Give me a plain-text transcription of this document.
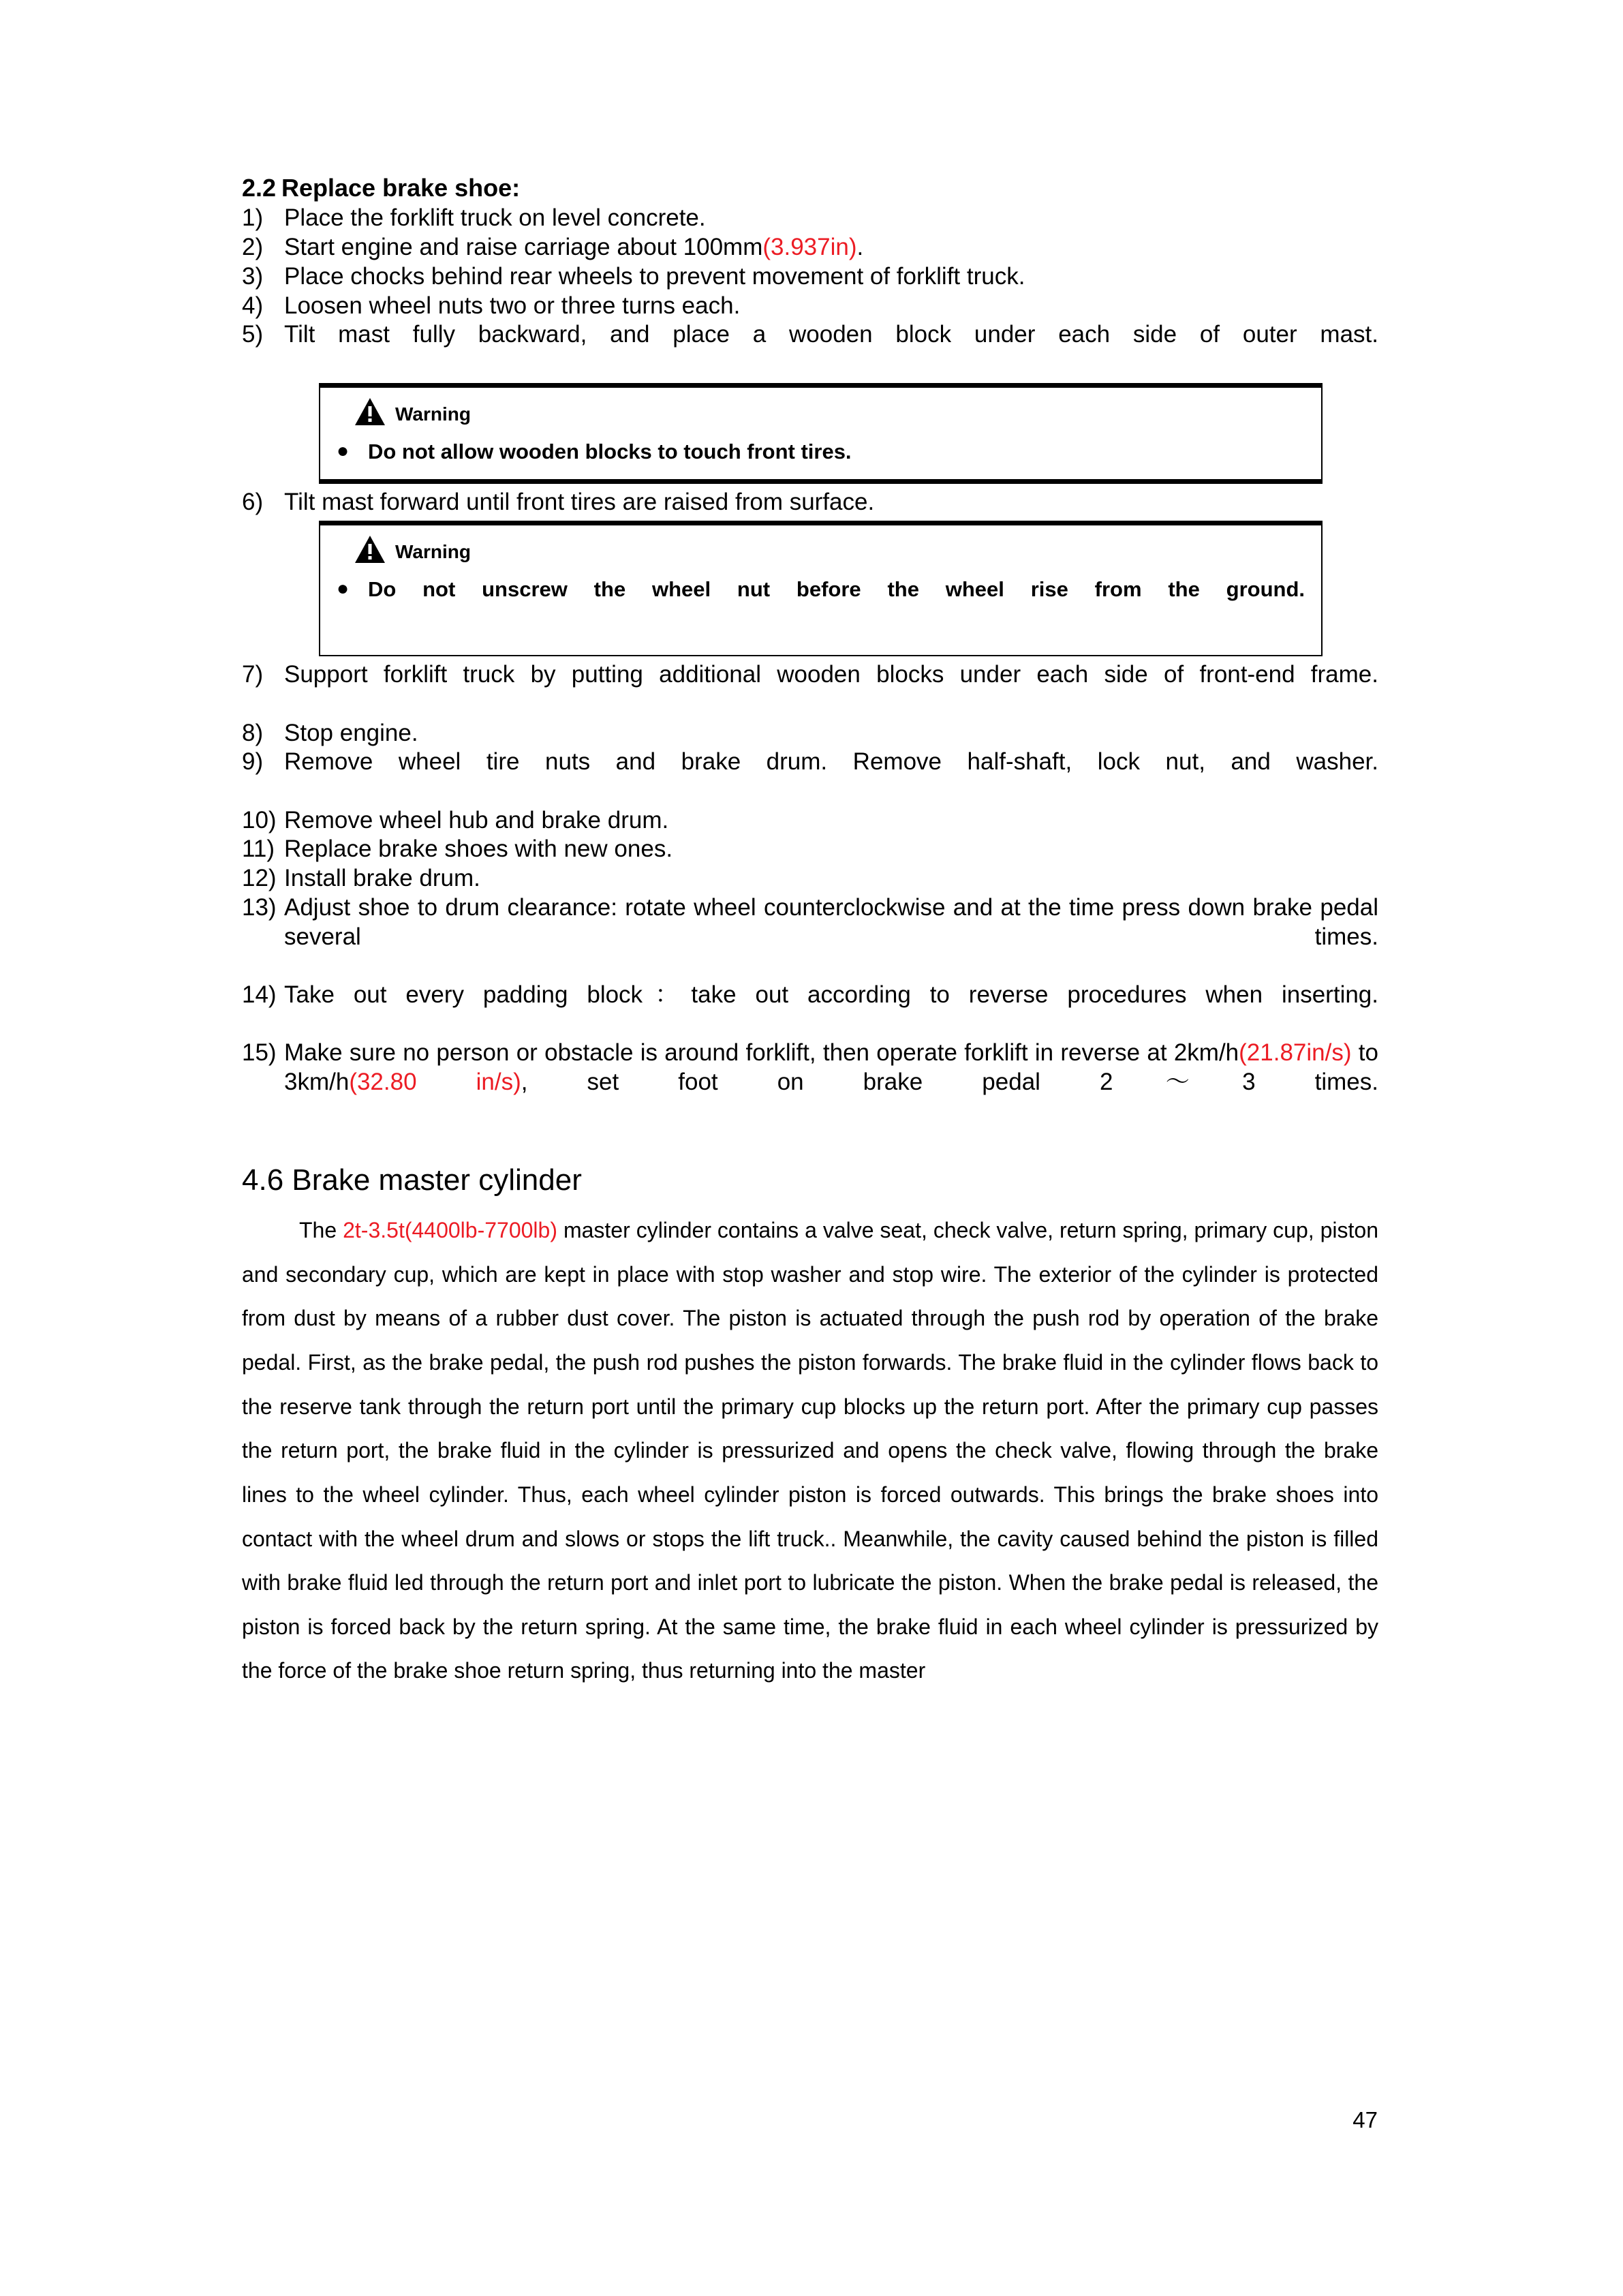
2.2 Replace brake shoe:
1) Place the forklift truck on level concrete.
2) Start engine and raise carriage about 100mm(3.937in).
3) Place chocks behind rear wheels to prevent movement of forklift truck.
4) Loosen wheel nuts two or three turns each.
5) Tilt mast fully backward, and place a wooden block under each side of outer mast.
Warning
● Do not allow wooden blocks to touch front tires.
6) Tilt mast forward until front tires are raised from surface.
Warning
● Do not unscrew the wheel nut before the wheel rise from the ground.
7) Support forklift truck by putting additional wooden blocks under each side of front-end frame.
8) Stop engine.
9) Remove wheel tire nuts and brake drum. Remove half-shaft, lock nut, and washer.
10) Remove wheel hub and brake drum.
11) Replace brake shoes with new ones.
12) Install brake drum.
13) Adjust shoe to drum clearance: rotate wheel counterclockwise and at the time press down brake pedal several times.
14) Take out every padding block：take out according to reverse procedures when inserting.
15) Make sure no person or obstacle is around forklift, then operate forklift in reverse at 2km/h(21.87in/s) to 3km/h(32.80 in/s), set foot on brake pedal 2～3 times.
4.6 Brake master cylinder
The 2t-3.5t(4400lb-7700lb) master cylinder contains a valve seat, check valve, return spring, primary cup, piston and secondary cup, which are kept in place with stop washer and stop wire. The exterior of the cylinder is protected from dust by means of a rubber dust cover. The piston is actuated through the push rod by operation of the brake pedal. First, as the brake pedal, the push rod pushes the piston forwards. The brake fluid in the cylinder flows back to the reserve tank through the return port until the primary cup blocks up the return port. After the primary cup passes the return port, the brake fluid in the cylinder is pressurized and opens the check valve, flowing through the brake lines to the wheel cylinder. Thus, each wheel cylinder piston is forced outwards. This brings the brake shoes into contact with the wheel drum and slows or stops the lift truck.. Meanwhile, the cavity caused behind the piston is filled with brake fluid led through the return port and inlet port to lubricate the piston. When the brake pedal is released, the piston is forced back by the return spring. At the same time, the brake fluid in each wheel cylinder is pressurized by the force of the brake shoe return spring, thus returning into the master
47
